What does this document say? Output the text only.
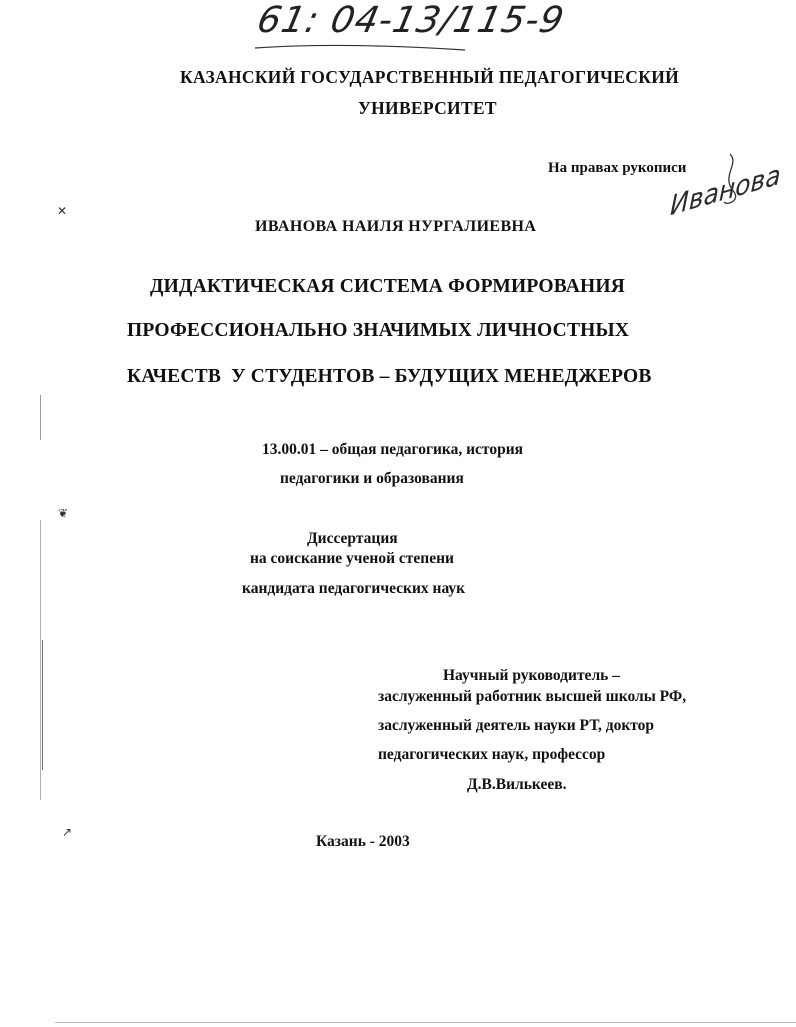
✕
❦
↗
61: 04-13/115-9
КАЗАНСКИЙ ГОСУДАРСТВЕННЫЙ ПЕДАГОГИЧЕСКИЙ
УНИВЕРСИТЕТ
На правах рукописи
Иванова
ИВАНОВА НАИЛЯ НУРГАЛИЕВНА
ДИДАКТИЧЕСКАЯ СИСТЕМА ФОРМИРОВАНИЯ
ПРОФЕССИОНАЛЬНО ЗНАЧИМЫХ ЛИЧНОСТНЫХ
КАЧЕСТВ  У СТУДЕНТОВ – БУДУЩИХ МЕНЕДЖЕРОВ
13.00.01 – общая педагогика, история
педагогики и образования
Диссертация
на соискание ученой степени
кандидата педагогических наук
Научный руководитель –
заслуженный работник высшей школы РФ,
заслуженный деятель науки РТ, доктор
педагогических наук, профессор
Д.В.Вилькеев.
Казань - 2003
